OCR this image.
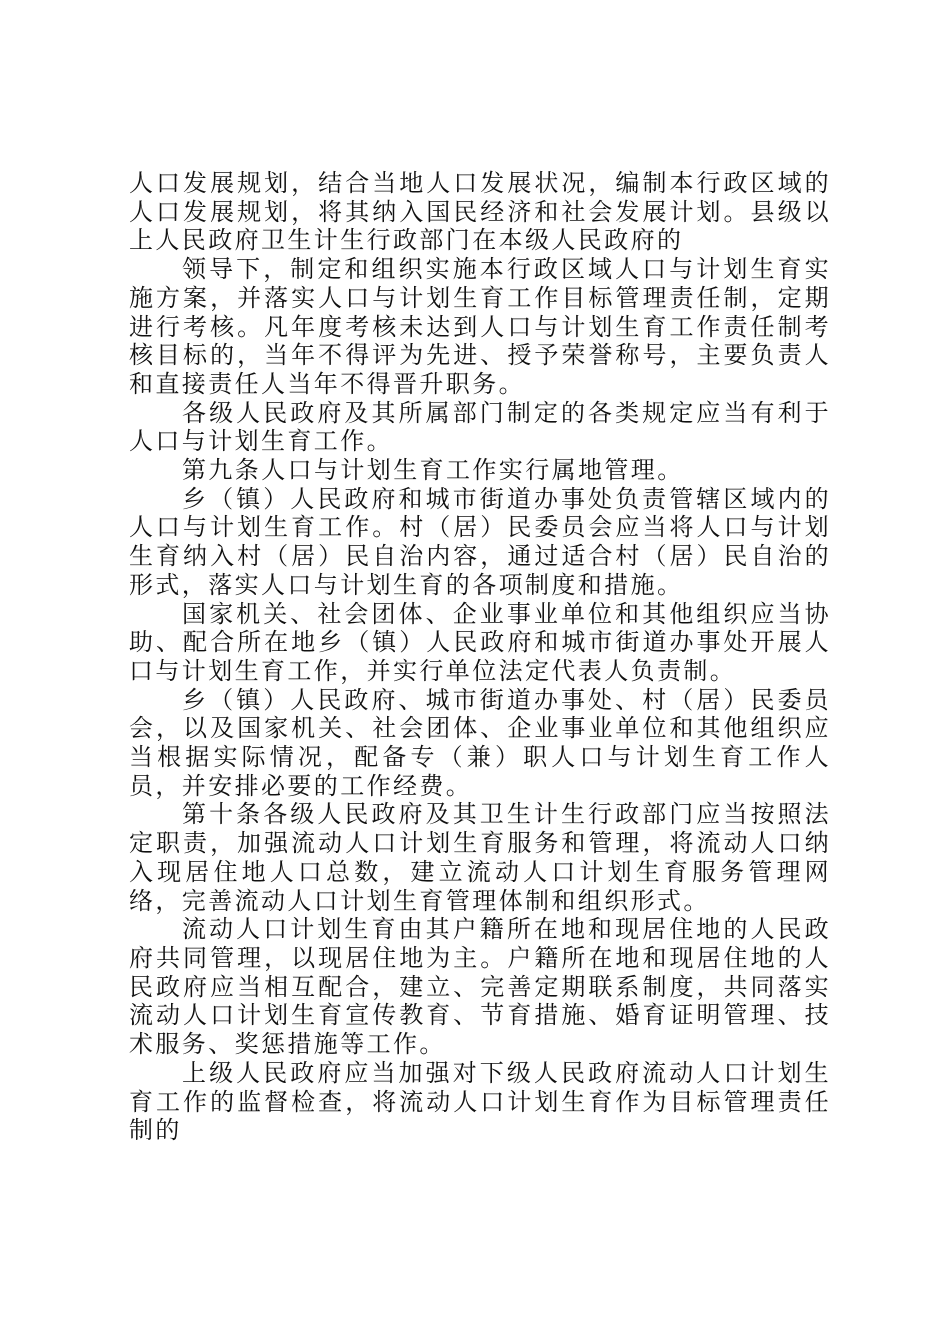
人口发展规划，结合当地人口发展状况，编制本行政区域的人口发展规划，将其纳入国民经济和社会发展计划。县级以上人民政府卫生计生行政部门在本级人民政府的

领导下，制定和组织实施本行政区域人口与计划生育实施方案，并落实人口与计划生育工作目标管理责任制，定期进行考核。凡年度考核未达到人口与计划生育工作责任制考核目标的，当年不得评为先进、授予荣誉称号，主要负责人和直接责任人当年不得晋升职务。

各级人民政府及其所属部门制定的各类规定应当有利于人口与计划生育工作。

第九条人口与计划生育工作实行属地管理。

乡（镇）人民政府和城市街道办事处负责管辖区域内的人口与计划生育工作。村（居）民委员会应当将人口与计划生育纳入村（居）民自治内容，通过适合村（居）民自治的形式，落实人口与计划生育的各项制度和措施。

国家机关、社会团体、企业事业单位和其他组织应当协助、配合所在地乡（镇）人民政府和城市街道办事处开展人口与计划生育工作，并实行单位法定代表人负责制。

乡（镇）人民政府、城市街道办事处、村（居）民委员会，以及国家机关、社会团体、企业事业单位和其他组织应当根据实际情况，配备专（兼）职人口与计划生育工作人员，并安排必要的工作经费。

第十条各级人民政府及其卫生计生行政部门应当按照法定职责，加强流动人口计划生育服务和管理，将流动人口纳入现居住地人口总数，建立流动人口计划生育服务管理网络，完善流动人口计划生育管理体制和组织形式。

流动人口计划生育由其户籍所在地和现居住地的人民政府共同管理，以现居住地为主。户籍所在地和现居住地的人民政府应当相互配合，建立、完善定期联系制度，共同落实流动人口计划生育宣传教育、节育措施、婚育证明管理、技术服务、奖惩措施等工作。

上级人民政府应当加强对下级人民政府流动人口计划生育工作的监督检查，将流动人口计划生育作为目标管理责任制的
